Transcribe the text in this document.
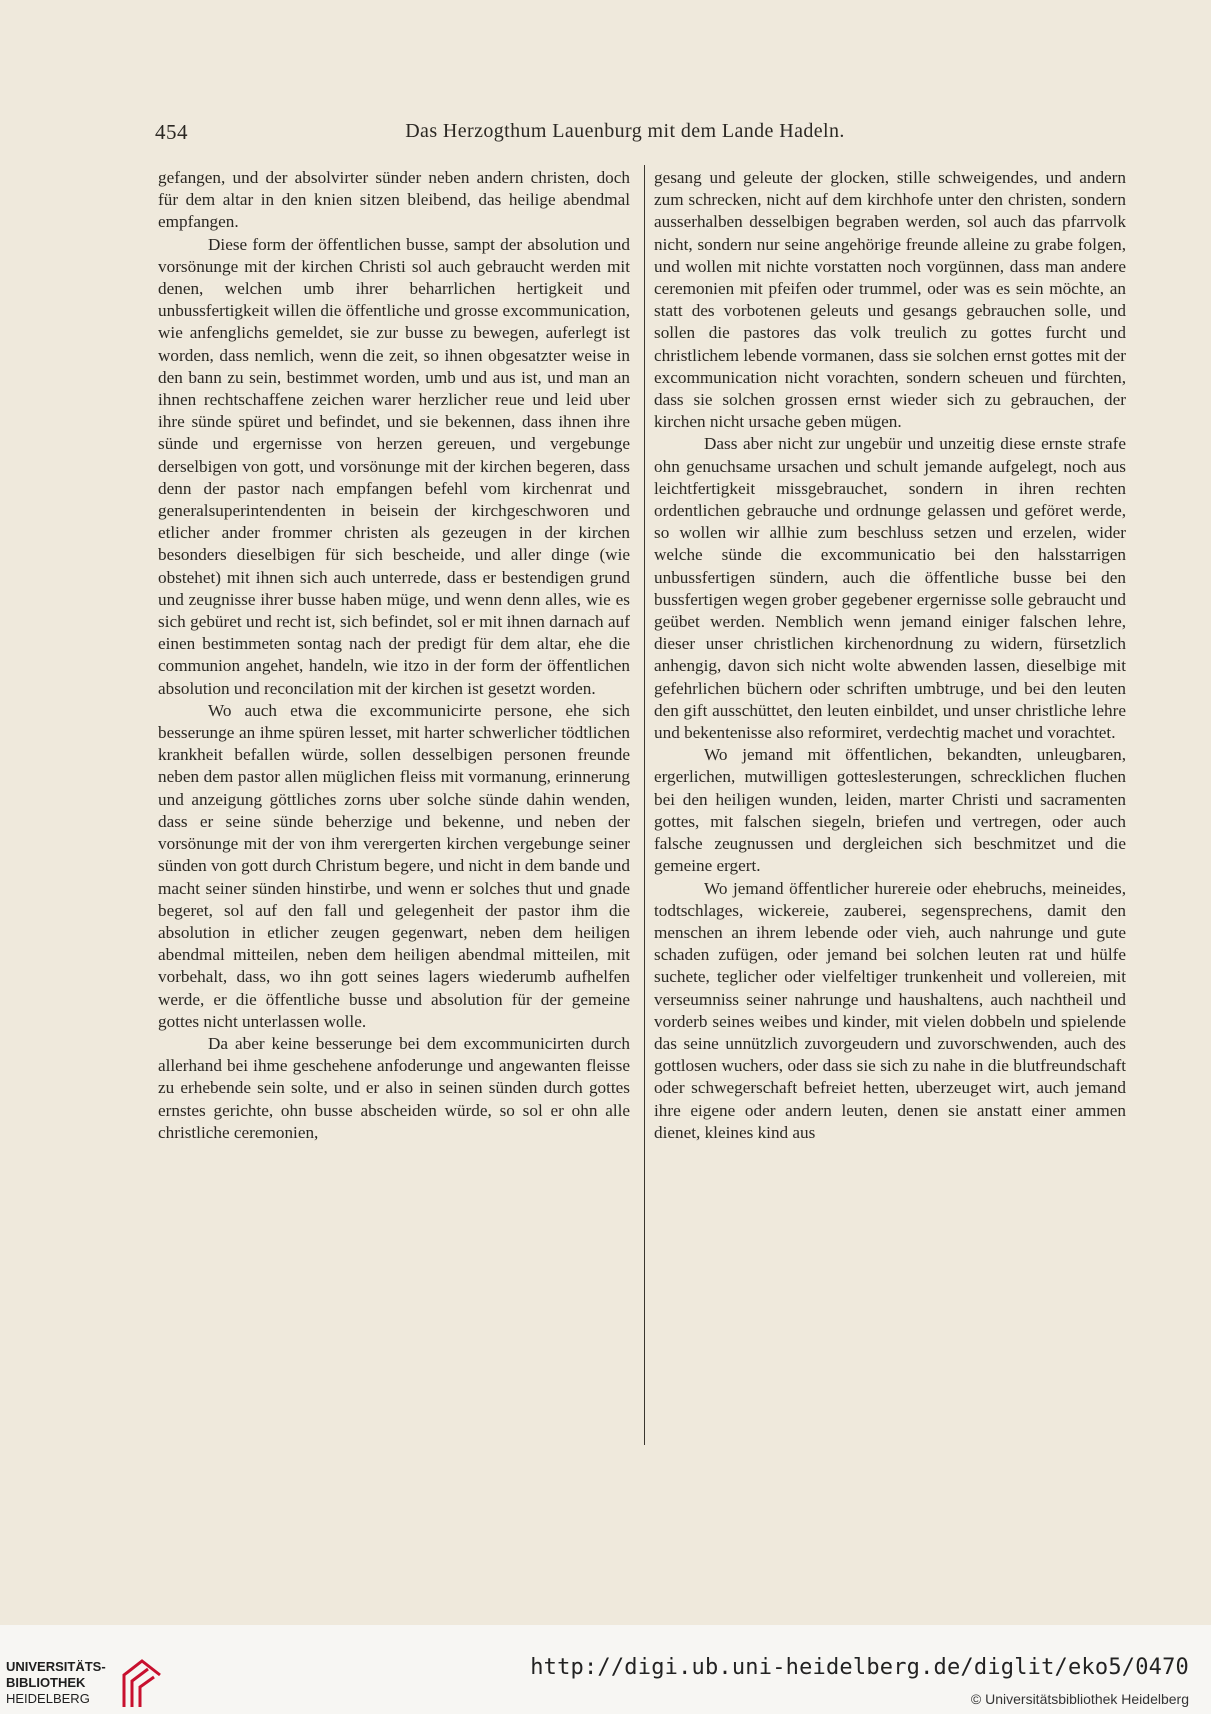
454	Das Herzogthum Lauenburg mit dem Lande Hadeln.

gefangen, und der absolvirter sünder neben andern christen, doch für dem altar in den knien sitzen bleibend, das heilige abendmal empfangen.

Diese form der öffentlichen busse, sampt der absolution und vorsönunge mit der kirchen Christi sol auch gebraucht werden mit denen, welchen umb ihrer beharrlichen hertigkeit und unbussfertigkeit willen die öffentliche und grosse excommunication, wie anfenglichs gemeldet, sie zur busse zu bewegen, auferlegt ist worden, dass nemlich, wenn die zeit, so ihnen obgesatzter weise in den bann zu sein, bestimmet worden, umb und aus ist, und man an ihnen rechtschaffene zeichen warer herzlicher reue und leid uber ihre sünde spüret und befindet, und sie bekennen, dass ihnen ihre sünde und ergernisse von herzen gereuen, und vergebunge derselbigen von gott, und vorsönunge mit der kirchen begeren, dass denn der pastor nach empfangen befehl vom kirchenrat und generalsuperintendenten in beisein der kirchgeschworen und etlicher ander frommer christen als gezeugen in der kirchen besonders dieselbigen für sich bescheide, und aller dinge (wie obstehet) mit ihnen sich auch unterrede, dass er bestendigen grund und zeugnisse ihrer busse haben müge, und wenn denn alles, wie es sich gebüret und recht ist, sich befindet, sol er mit ihnen darnach auf einen bestimmeten sontag nach der predigt für dem altar, ehe die communion angehet, handeln, wie itzo in der form der öffentlichen absolution und reconcilation mit der kirchen ist gesetzt worden.

Wo auch etwa die excommunicirte persone, ehe sich besserunge an ihme spüren lesset, mit harter schwerlicher tödtlichen krankheit befallen würde, sollen desselbigen personen freunde neben dem pastor allen müglichen fleiss mit vormanung, erinnerung und anzeigung göttliches zorns uber solche sünde dahin wenden, dass er seine sünde beherzige und bekenne, und neben der vorsönunge mit der von ihm verergerten kirchen vergebunge seiner sünden von gott durch Christum begere, und nicht in dem bande und macht seiner sünden hinstirbe, und wenn er solches thut und gnade begeret, sol auf den fall und gelegenheit der pastor ihm die absolution in etlicher zeugen gegenwart, neben dem heiligen abendmal mitteilen, neben dem heiligen abendmal mitteilen, mit vorbehalt, dass, wo ihn gott seines lagers wiederumb aufhelfen werde, er die öffentliche busse und absolution für der gemeine gottes nicht unterlassen wolle.

Da aber keine besserunge bei dem excommunicirten durch allerhand bei ihme geschehene anfoderunge und angewanten fleisse zu erhebende sein solte, und er also in seinen sünden durch gottes ernstes gerichte, ohn busse abscheiden würde, so sol er ohn alle christliche ceremonien,

gesang und geleute der glocken, stille schweigendes, und andern zum schrecken, nicht auf dem kirchhofe unter den christen, sondern ausserhalben desselbigen begraben werden, sol auch das pfarrvolk nicht, sondern nur seine angehörige freunde alleine zu grabe folgen, und wollen mit nichte vorstatten noch vorgünnen, dass man andere ceremonien mit pfeifen oder trummel, oder was es sein möchte, an statt des vorbotenen geleuts und gesangs gebrauchen solle, und sollen die pastores das volk treulich zu gottes furcht und christlichem lebende vormanen, dass sie solchen ernst gottes mit der excommunication nicht vorachten, sondern scheuen und fürchten, dass sie solchen grossen ernst wieder sich zu gebrauchen, der kirchen nicht ursache geben mügen.

Dass aber nicht zur ungebür und unzeitig diese ernste strafe ohn genuchsame ursachen und schult jemande aufgelegt, noch aus leichtfertigkeit missgebrauchet, sondern in ihren rechten ordentlichen gebrauche und ordnunge gelassen und geföret werde, so wollen wir allhie zum beschluss setzen und erzelen, wider welche sünde die excommunicatio bei den halsstarrigen unbussfertigen sündern, auch die öffentliche busse bei den bussfertigen wegen grober gegebener ergernisse solle gebraucht und geübet werden. Nemblich wenn jemand einiger falschen lehre, dieser unser christlichen kirchenordnung zu widern, fürsetzlich anhengig, davon sich nicht wolte abwenden lassen, dieselbige mit gefehrlichen büchern oder schriften umbtruge, und bei den leuten den gift ausschüttet, den leuten einbildet, und unser christliche lehre und bekentenisse also reformiret, verdechtig machet und vorachtet.

Wo jemand mit öffentlichen, bekandten, unleugbaren, ergerlichen, mutwilligen gotteslesterungen, schrecklichen fluchen bei den heiligen wunden, leiden, marter Christi und sacramenten gottes, mit falschen siegeln, briefen und vertregen, oder auch falsche zeugnussen und dergleichen sich beschmitzet und die gemeine ergert.

Wo jemand öffentlicher hurereie oder ehebruchs, meineides, todtschlages, wickereie, zauberei, segensprechens, damit den menschen an ihrem lebende oder vieh, auch nahrunge und gute schaden zufügen, oder jemand bei solchen leuten rat und hülfe suchete, teglicher oder vielfeltiger trunkenheit und vollereien, mit verseumniss seiner nahrunge und haushaltens, auch nachtheil und vorderb seines weibes und kinder, mit vielen dobbeln und spielende das seine unnützlich zuvorgeudern und zuvorschwenden, auch des gottlosen wuchers, oder dass sie sich zu nahe in die blutfreundschaft oder schwegerschaft befreiet hetten, uberzeuget wirt, auch jemand ihre eigene oder andern leuten, denen sie anstatt einer ammen dienet, kleines kind aus

UNIVERSITÄTS-
BIBLIOTHEK
HEIDELBERG
http://digi.ub.uni-heidelberg.de/diglit/eko5/0470
© Universitätsbibliothek Heidelberg
